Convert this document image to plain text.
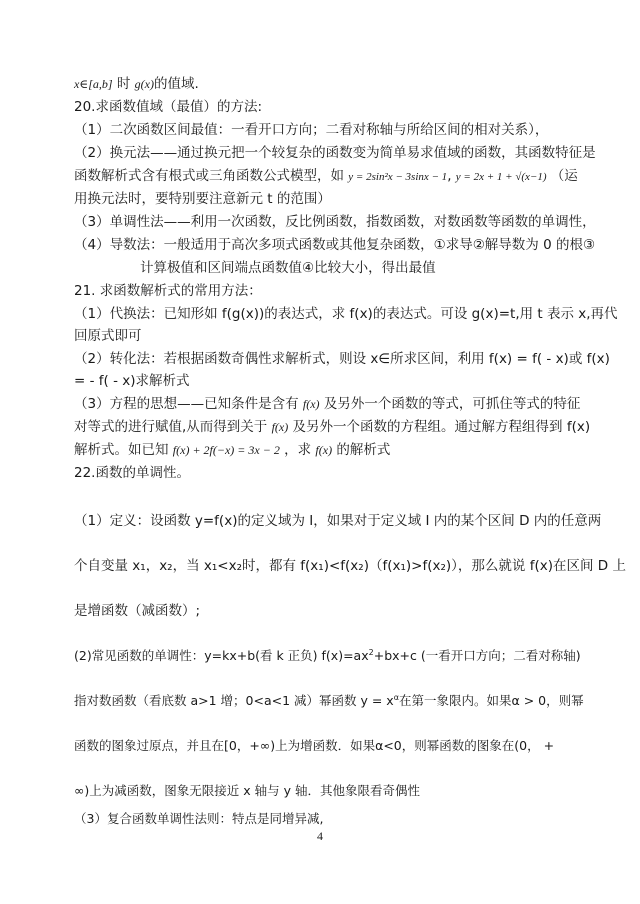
x∈[a,b] 时 g(x)的值域.
20.求函数值域（最值）的方法:
（1）二次函数区间最值：一看开口方向；二看对称轴与所给区间的相对关系），
（2）换元法——通过换元把一个较复杂的函数变为简单易求值域的函数，其函数特征是
函数解析式含有根式或三角函数公式模型，如 y = 2sin²x − 3sinx − 1, y = 2x + 1 + √(x−1) （运
用换元法时，要特别要注意新元 t 的范围）
（3）单调性法——利用一次函数，反比例函数，指数函数，对数函数等函数的单调性，
（4）导数法：一般适用于高次多项式函数或其他复杂函数，①求导②解导数为 0 的根③
计算极值和区间端点函数值④比较大小，得出最值
21. 求函数解析式的常用方法：
（1）代换法：已知形如 f(g(x))的表达式，求 f(x)的表达式。可设 g(x)=t,用 t 表示 x,再代
回原式即可
（2）转化法：若根据函数奇偶性求解析式，则设 x∈所求区间，利用 f(x) = f( - x)或 f(x)
= - f( - x)求解析式
（3）方程的思想——已知条件是含有 f(x) 及另外一个函数的等式，可抓住等式的特征
对等式的进行赋值,从而得到关于 f(x) 及另外一个函数的方程组。通过解方程组得到 f(x)
解析式。如已知 f(x) + 2f(−x) = 3x − 2 ，求 f(x) 的解析式
22.函数的单调性。
（1）定义：设函数 y=f(x)的定义域为 I，如果对于定义域 I 内的某个区间 D 内的任意两
个自变量 x₁，x₂，当 x₁<x₂时，都有 f(x₁)<f(x₂)（f(x₁)>f(x₂)），那么就说 f(x)在区间 D 上
是增函数（减函数）;
(2)常见函数的单调性：y=kx+b(看 k 正负) $f(x)=ax^2+bx+c$ (一看开口方向；二看对称轴)
指对数函数（看底数 a>1 增；0<a<1 减）幂函数 $y = x^\alpha$在第一象限内。如果α > 0，则幂
函数的图象过原点，并且在[0，+∞)上为增函数．如果α<0，则幂函数的图象在(0， +
∞)上为减函数，图象无限接近 x 轴与 y 轴．其他象限看奇偶性
（3）复合函数单调性法则：特点是同增异减,
4
